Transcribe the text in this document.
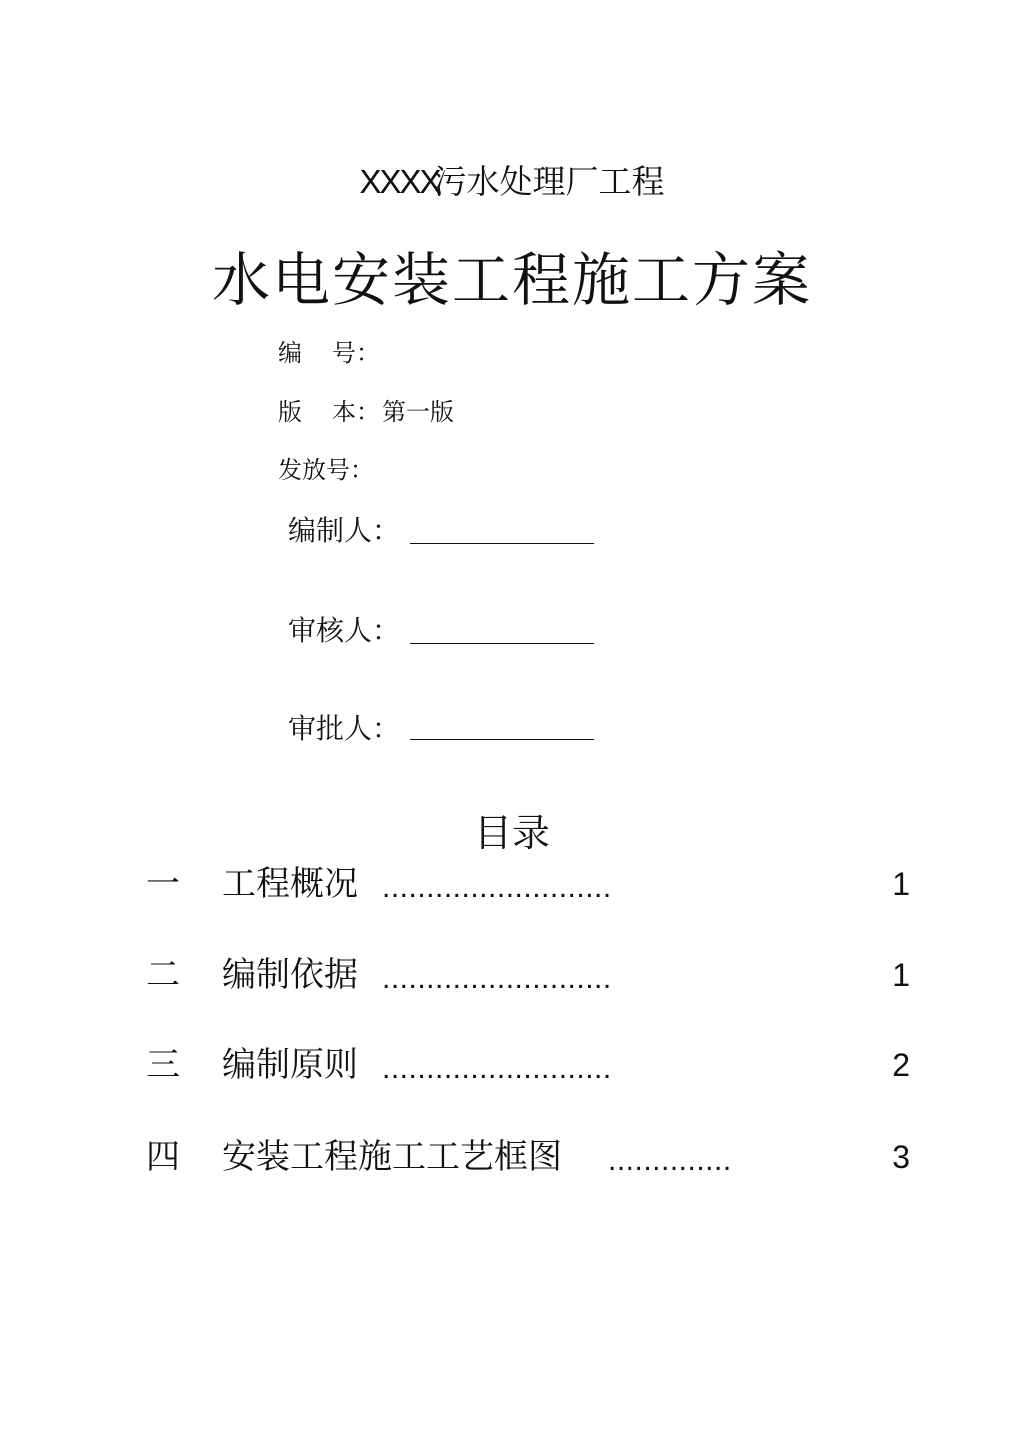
XXXX污水处理厂工程
水电安装工程施工方案
编 号：
版 本：第一版
发放号：
编制人：
审核人：
审批人：
目录
一 工程概况 ..........................	1
二 编制依据 ..........................	1
三 编制原则 ..........................	2
四 安装工程施工工艺框图 ..............	3
